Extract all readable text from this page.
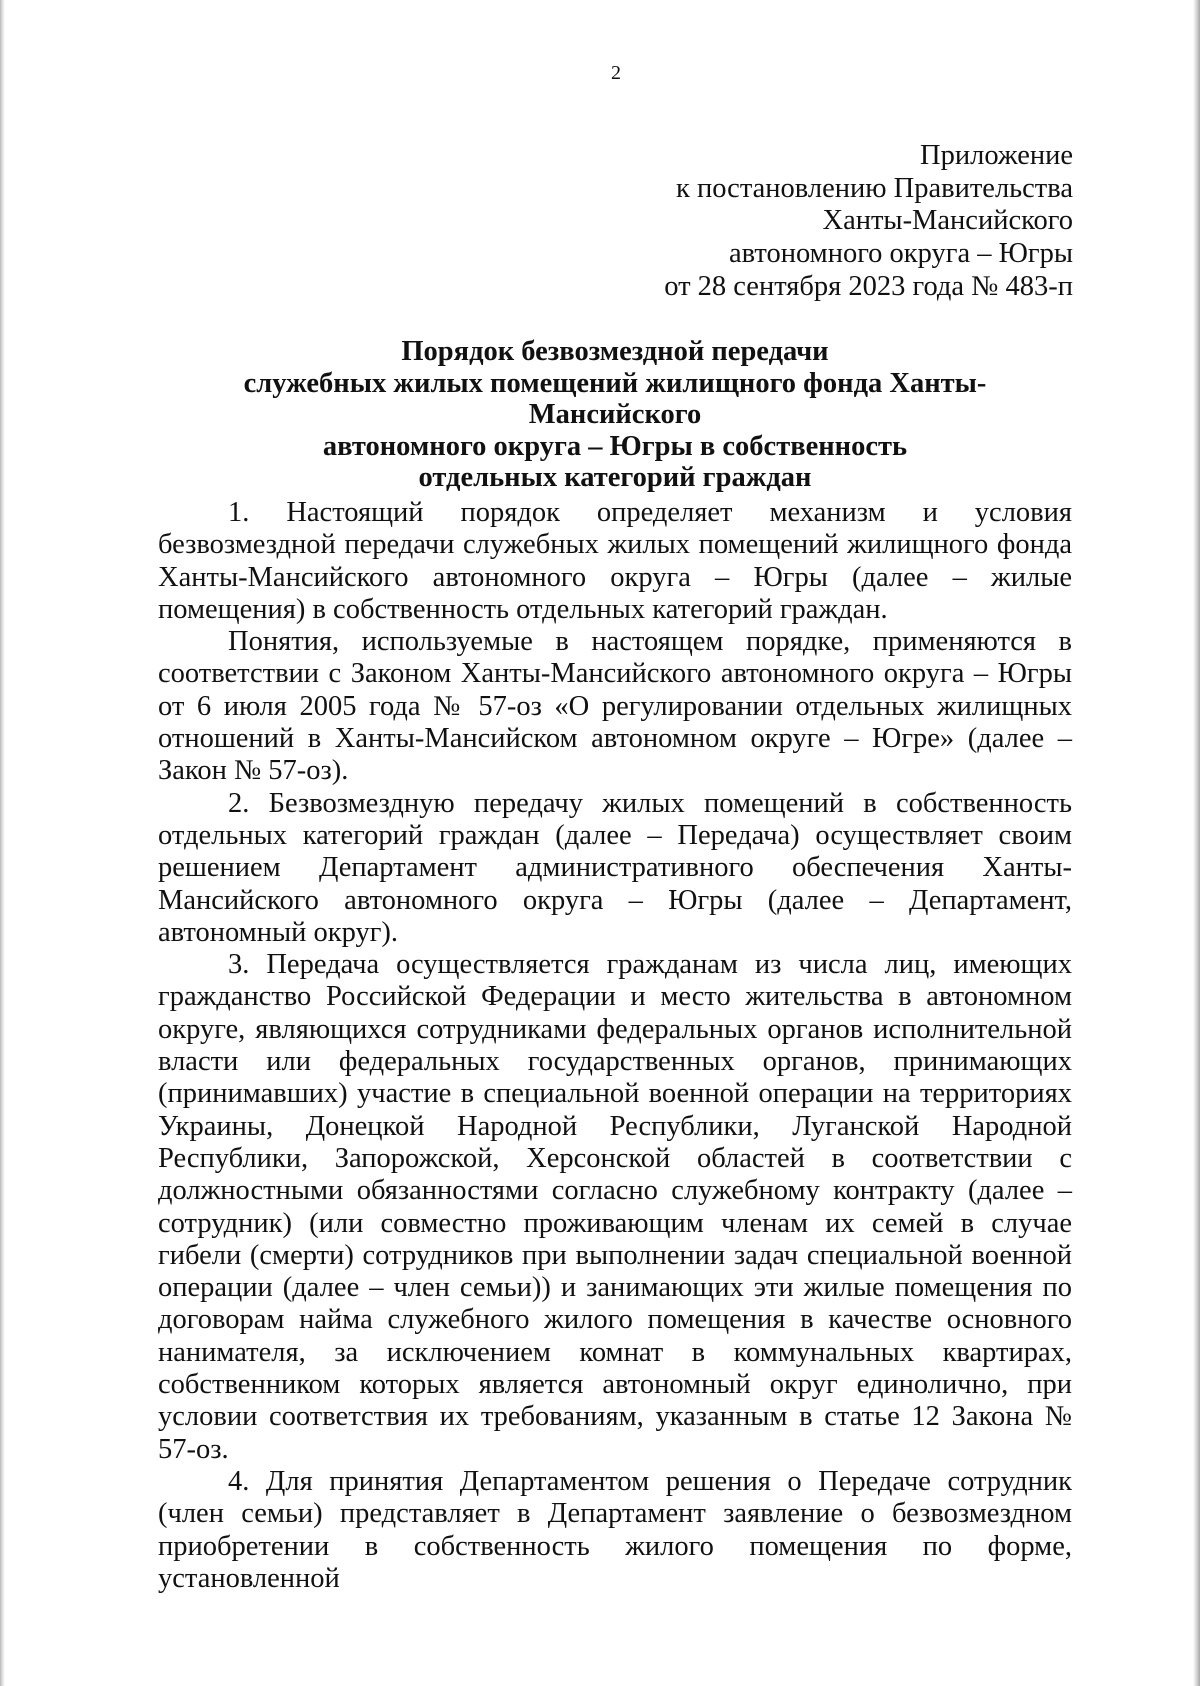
2
Приложение
к постановлению Правительства
Ханты-Мансийского
автономного округа – Югры
от 28 сентября 2023 года № 483-п
Порядок безвозмездной передачи
служебных жилых помещений жилищного фонда Ханты-Мансийского
автономного округа – Югры в собственность
отдельных категорий граждан

1. Настоящий порядок определяет механизм и условия безвозмездной передачи служебных жилых помещений жилищного фонда Ханты-Мансийского автономного округа – Югры (далее – жилые помещения) в собственность отдельных категорий граждан.

Понятия, используемые в настоящем порядке, применяются в соответствии с Законом Ханты-Мансийского автономного округа – Югры от 6 июля 2005 года № 57-оз «О регулировании отдельных жилищных отношений в Ханты-Мансийском автономном округе – Югре» (далее – Закон № 57-оз).

2. Безвозмездную передачу жилых помещений в собственность отдельных категорий граждан (далее – Передача) осуществляет своим решением Департамент административного обеспечения Ханты-Мансийского автономного округа – Югры (далее – Департамент, автономный округ).

3. Передача осуществляется гражданам из числа лиц, имеющих гражданство Российской Федерации и место жительства в автономном округе, являющихся сотрудниками федеральных органов исполнительной власти или федеральных государственных органов, принимающих (принимавших) участие в специальной военной операции на территориях Украины, Донецкой Народной Республики, Луганской Народной Республики, Запорожской, Херсонской областей в соответствии с должностными обязанностями согласно служебному контракту (далее – сотрудник) (или совместно проживающим членам их семей в случае гибели (смерти) сотрудников при выполнении задач специальной военной операции (далее – член семьи)) и занимающих эти жилые помещения по договорам найма служебного жилого помещения в качестве основного нанимателя, за исключением комнат в коммунальных квартирах, собственником которых является автономный округ единолично, при условии соответствия их требованиям, указанным в статье 12 Закона № 57-оз.

4. Для принятия Департаментом решения о Передаче сотрудник (член семьи) представляет в Департамент заявление о безвозмездном приобретении в собственность жилого помещения по форме, установленной
